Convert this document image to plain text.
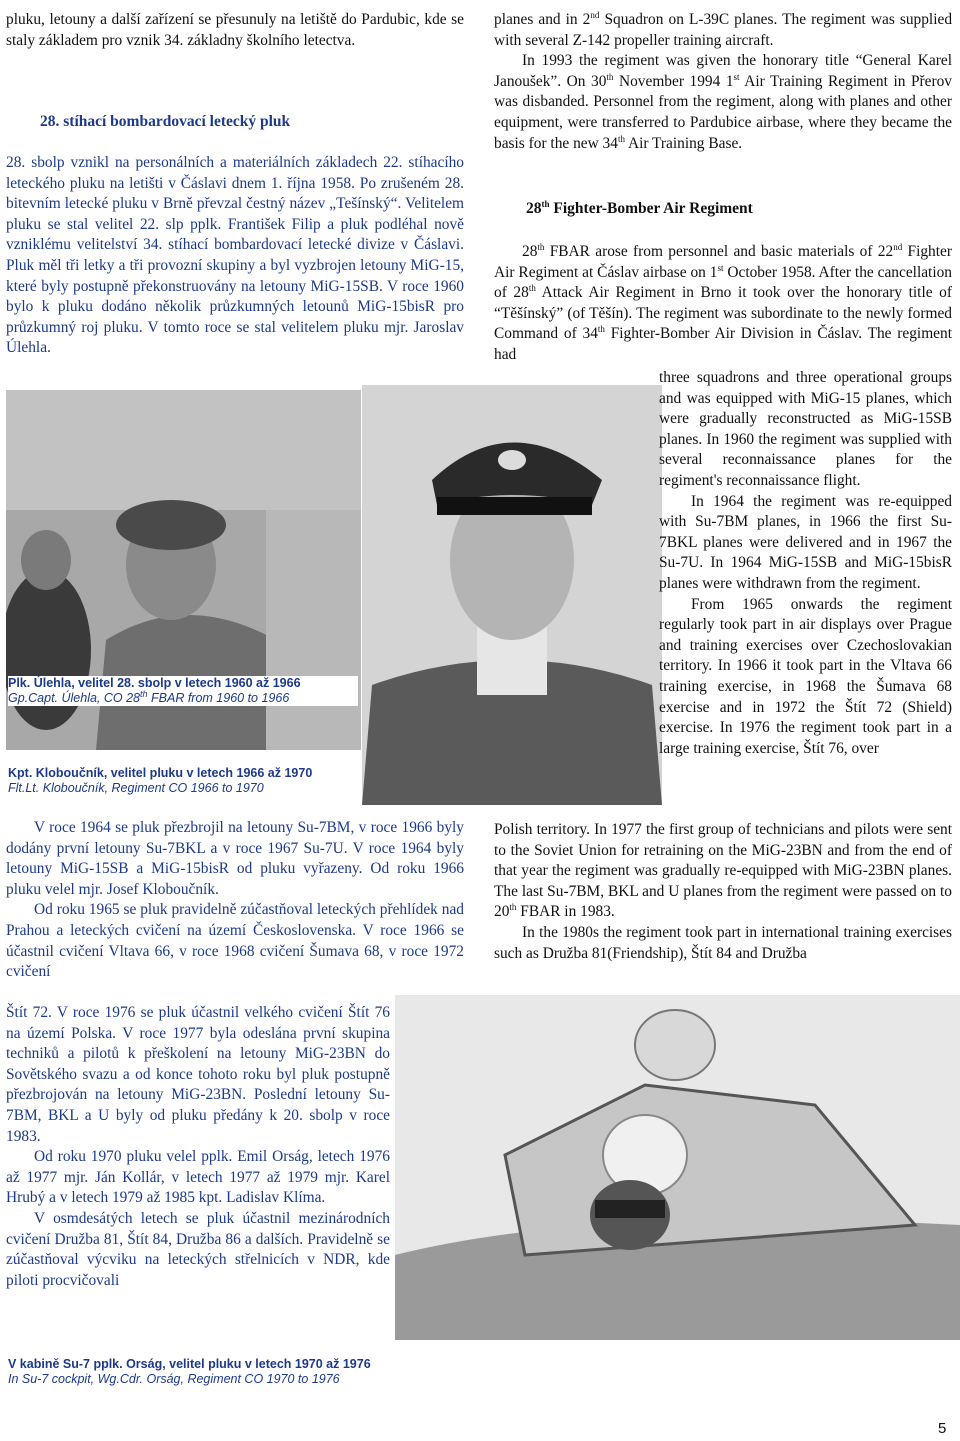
pluku, letouny a další zařízení se přesunuly na letiště do Pardubic, kde se staly základem pro vznik 34. základny školního letectva.

28. stíhací bombardovací letecký pluk

28. sbolp vznikl na personálních a materiálních základech 22. stíhacího leteckého pluku na letišti v Čáslavi dnem 1. října 1958. Po zrušeném 28. bitevním letecké pluku v Brně převzal čestný název „Tešínský“. Velitelem pluku se stal velitel 22. slp pplk. František Filip a pluk podléhal nově vzniklému velitelství 34. stíhací bombardovací letecké divize v Čáslavi. Pluk měl tři letky a tři provozní skupiny a byl vyzbrojen letouny MiG-15, které byly postupně překonstruovány na letouny MiG-15SB. V roce 1960 bylo k pluku dodáno několik průzkumných letounů MiG-15bisR pro průzkumný roj pluku. V tomto roce se stal velitelem pluku mjr. Jaroslav Úlehla.

Plk. Úlehla, velitel 28. sbolp v letech 1960 až 1966
Gp.Capt. Úlehla, CO 28th FBAR from 1960 to 1966
Kpt. Kloboučník, velitel pluku v letech 1966 až 1970
Flt.Lt. Kloboučník, Regiment CO 1966 to 1970

V roce 1964 se pluk přezbrojil na letouny Su-7BM, v roce 1966 byly dodány první letouny Su-7BKL a v roce 1967 Su-7U. V roce 1964 byly letouny MiG-15SB a MiG-15bisR od pluku vyřazeny. Od roku 1966 pluku velel mjr. Josef Kloboučník.

Od roku 1965 se pluk pravidelně zúčastňoval leteckých přehlídek nad Prahou a leteckých cvičení na území Československa. V roce 1966 se účastnil cvičení Vltava 66, v roce 1968 cvičení Šumava 68, v roce 1972 cvičení

Štít 72. V roce 1976 se pluk účastnil velkého cvičení Štít 76 na území Polska. V roce 1977 byla odeslána první skupina techniků a pilotů k přeškolení na letouny MiG-23BN do Sovětského svazu a od konce tohoto roku byl pluk postupně přezbrojován na letouny MiG-23BN. Poslední letouny Su-7BM, BKL a U byly od pluku předány k 20. sbolp v roce 1983.

Od roku 1970 pluku velel pplk. Emil Orság, letech 1976 až 1977 mjr. Ján Kollár, v letech 1977 až 1979 mjr. Karel Hrubý a v letech 1979 až 1985 kpt. Ladislav Klíma.

V osmdesátých letech se pluk účastnil mezinárodních cvičení Družba 81, Štít 84, Družba 86 a dalších. Pravidelně se zúčastňoval výcviku na leteckých střelnicích v NDR, kde piloti procvičovali

V kabině Su-7 pplk. Orság, velitel pluku v letech 1970 až 1976
In Su-7 cockpit, Wg.Cdr. Orság, Regiment CO 1970 to 1976

planes and in 2nd Squadron on L-39C planes. The regiment was supplied with several Z-142 propeller training aircraft.

In 1993 the regiment was given the honorary title “General Karel Janoušek”. On 30th November 1994 1st Air Training Regiment in Přerov was disbanded. Personnel from the regiment, along with planes and other equipment, were transferred to Pardubice airbase, where they became the basis for the new 34th Air Training Base.

28th Fighter-Bomber Air Regiment

28th FBAR arose from personnel and basic materials of 22nd Fighter Air Regiment at Čáslav airbase on 1st October 1958. After the cancellation of 28th Attack Air Regiment in Brno it took over the honorary title of “Těšínský” (of Těšín). The regiment was subordinate to the newly formed Command of 34th Fighter-Bomber Air Division in Čáslav. The regiment had

three squadrons and three operational groups and was equipped with MiG-15 planes, which were gradually reconstructed as MiG-15SB planes. In 1960 the regiment was supplied with several reconnaissance planes for the regiment's reconnaissance flight.

In 1964 the regiment was re-equipped with Su-7BM planes, in 1966 the first Su-7BKL planes were delivered and in 1967 the Su-7U. In 1964 MiG-15SB and MiG-15bisR planes were withdrawn from the regiment.

From 1965 onwards the regiment regularly took part in air displays over Prague and training exercises over Czechoslovakian territory. In 1966 it took part in the Vltava 66 training exercise, in 1968 the Šumava 68 exercise and in 1972 the Štít 72 (Shield) exercise. In 1976 the regiment took part in a large training exercise, Štít 76, over

Polish territory. In 1977 the first group of technicians and pilots were sent to the Soviet Union for retraining on the MiG-23BN and from the end of that year the regiment was gradually re-equipped with MiG-23BN planes. The last Su-7BM, BKL and U planes from the regiment were passed on to 20th FBAR in 1983.

In the 1980s the regiment took part in international training exercises such as Družba 81(Friendship), Štít 84 and Družba

5
